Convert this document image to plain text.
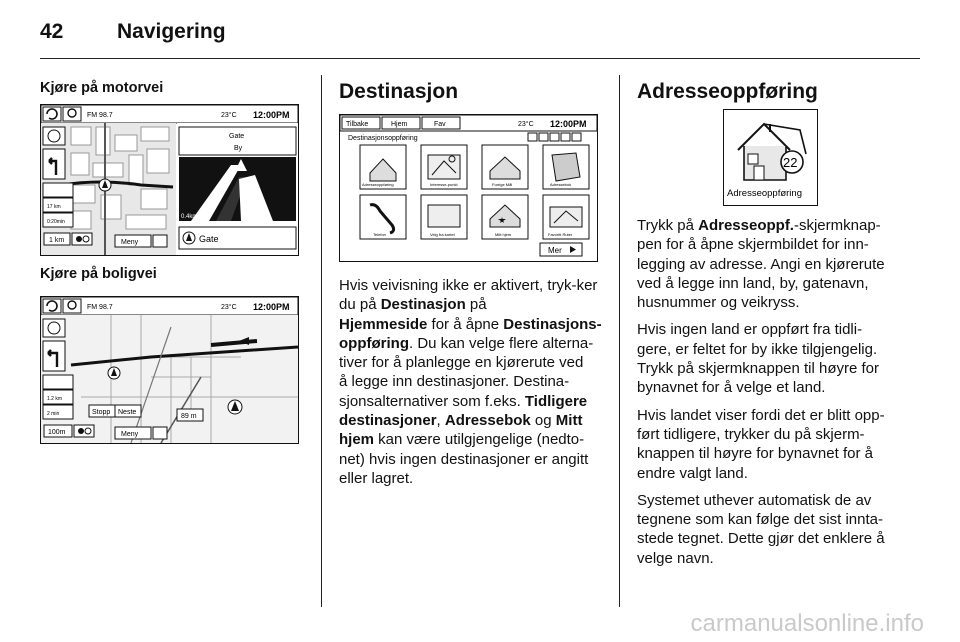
42	Navigering
Kjøre på motorvei
FM 98.7	23°C 12:00PM
17 km
0:20min
1 km	Meny
Gate
By
0.4km
Gate
Kjøre på boligvei
FM 98.7	23°C 12:00PM
1.2 km
2 min	Stopp Neste
89 m
100m	Meny
Destinasjon
Tilbake	Hjem	Fav	23°C 12:00PM
Destinasjonsoppføring
Adresseoppføring	Interesse-punkt	Forrige Mål	Adressebok
Telefon	Velg fra kartet	Mitt hjem	Favoritt Ruter
Mer

Hvis veivisning ikke er aktivert, tryk-ker du på Destinasjon på
Hjemmeside for å åpne Destinasjons-
oppføring. Du kan velge flere alterna-
tiver for å planlegge en kjørerute ved
å legge inn destinasjoner. Destina-
sjonsalternativer som f.eks. Tidligere
destinasjoner, Adressebok og Mitt
hjem kan være utilgjengelige (nedto-
net) hvis ingen destinasjoner er angitt
eller lagret.

Adresseoppføring
22
Adresseoppføring

Trykk på Adresseoppf.-skjermknap-
pen for å åpne skjermbildet for inn-
legging av adresse. Angi en kjørerute
ved å legge inn land, by, gatenavn,
husnummer og veikryss.

Hvis ingen land er oppført fra tidli-
gere, er feltet for by ikke tilgjengelig.
Trykk på skjermknappen til høyre for
bynavnet for å velge et land.

Hvis landet viser fordi det er blitt opp-
ført tidligere, trykker du på skjerm-
knappen til høyre for bynavnet for å
endre valgt land.

Systemet uthever automatisk de av
tegnene som kan følge det sist innta-
stede tegnet. Dette gjør det enklere å
velge navn.

carmanualsonline.info
